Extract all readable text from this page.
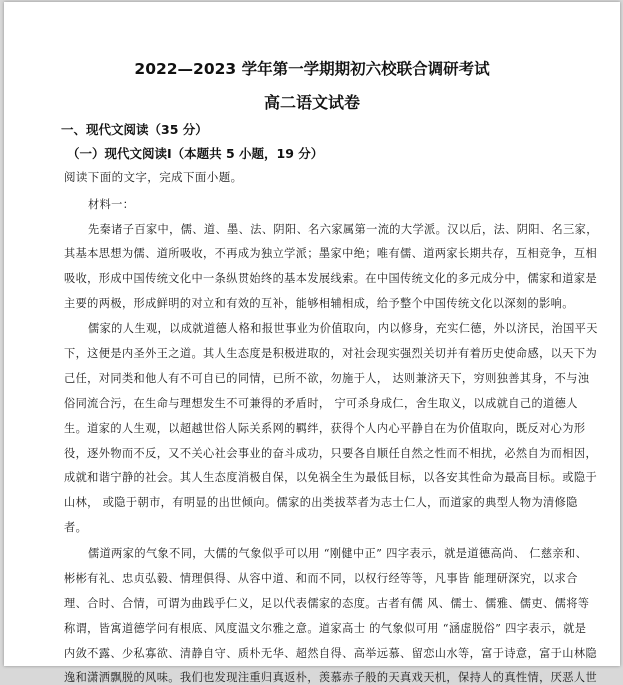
2022—2023 学年第一学期期初六校联合调研考试
高二语文试卷
一、现代文阅读（35 分）
（一）现代文阅读Ⅰ（本题共 5 小题，19 分）
阅读下面的文字，完成下面小题。
材料一：
先秦诸子百家中，儒、道、墨、法、阴阳、名六家属第一流的大学派。汉以后，法、阴阳、名三家，
其基本思想为儒、道所吸收，不再成为独立学派；墨家中绝；唯有儒、道两家长期共存，互相竞争，互相
吸收，形成中国传统文化中一条纵贯始终的基本发展线索。在中国传统文化的多元成分中，儒家和道家是
主要的两极，形成鲜明的对立和有效的互补，能够相辅相成，给予整个中国传统文化以深刻的影响。
儒家的人生观，以成就道德人格和报世事业为价值取向，内以修身，充实仁德，外以济民，治国平天
下，这便是内圣外王之道。其人生态度是积极进取的，对社会现实强烈关切并有着历史使命感，以天下为
己任，对同类和他人有不可自已的同情，已所不欲，勿施于人， 达则兼济天下，穷则独善其身，不与浊
俗同流合污，在生命与理想发生不可兼得的矛盾时， 宁可杀身成仁，舍生取义，以成就自己的道德人
生。道家的人生观，以超越世俗人际关系网的羁绊，获得个人内心平静自在为价值取向，既反对心为形
役，逐外物而不反，又不关心社会事业的奋斗成功，只要各自顺任自然之性而不相扰，必然自为而相因，
成就和谐宁静的社会。其人生态度消极自保，以免祸全生为最低目标，以各安其性命为最高目标。或隐于
山林， 或隐于朝市，有明显的出世倾向。儒家的出类拔萃者为志士仁人，而道家的典型人物为清修隐
者。
儒道两家的气象不同，大儒的气象似乎可以用 “刚健中正” 四字表示，就是道德高尚、 仁慈亲和、
彬彬有礼、忠贞弘毅、情理俱得、从容中道、和而不同，以权行经等等，凡事皆 能理研深究，以求合
理、合时、合情，可谓为曲践乎仁义，足以代表儒家的态度。古者有儒 风、儒士、儒雅、儒吏、儒将等
称谓，皆寓道德学问有根底、风度温文尔雅之意。道家高士 的气象似可用 “涵虚脱俗” 四字表示，就是
内敛不露、少私寡欲、清静自守、质朴无华、超然自得、高举远慕、留恋山水等，富于诗意，富于山林隐
逸和潇洒飘脱的风味。我们也发现注重归真返朴，羡慕赤子般的天真戏天机，保持人的真性情，厌恶人世
